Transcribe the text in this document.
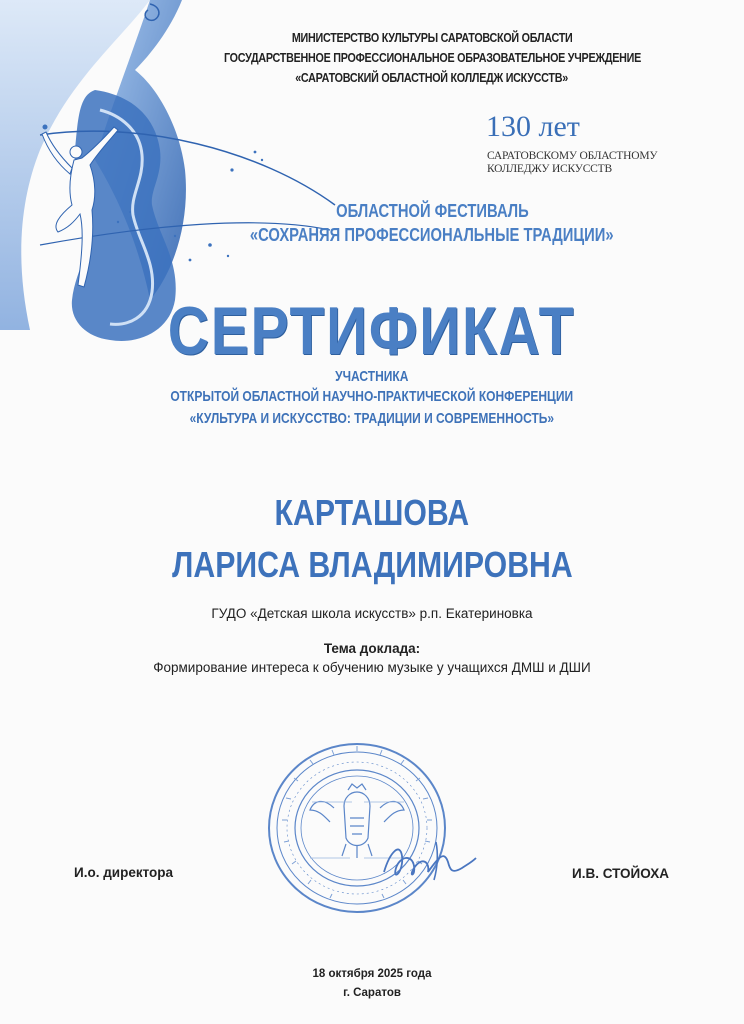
МИНИСТЕРСТВО КУЛЬТУРЫ САРАТОВСКОЙ ОБЛАСТИ

ГОСУДАРСТВЕННОЕ ПРОФЕССИОНАЛЬНОЕ ОБРАЗОВАТЕЛЬНОЕ УЧРЕЖДЕНИЕ

«САРАТОВСКИЙ ОБЛАСТНОЙ КОЛЛЕДЖ ИСКУССТВ»

130 лет

САРАТОВСКОМУ ОБЛАСТНОМУ

КОЛЛЕДЖУ ИСКУССТВ

ОБЛАСТНОЙ ФЕСТИВАЛЬ

«СОХРАНЯЯ ПРОФЕССИОНАЛЬНЫЕ ТРАДИЦИИ»

СЕРТИФИКАТ

УЧАСТНИКА

ОТКРЫТОЙ ОБЛАСТНОЙ НАУЧНО-ПРАКТИЧЕСКОЙ КОНФЕРЕНЦИИ

«КУЛЬТУРА И ИСКУССТВО: ТРАДИЦИИ И СОВРЕМЕННОСТЬ»

КАРТАШОВА

ЛАРИСА ВЛАДИМИРОВНА

ГУДО «Детская школа искусств» р.п. Екатериновка

Тема доклада:

Формирование интереса к обучению музыке у учащихся ДМШ и ДШИ

И.о. директора	И.В. СТОЙОХА

18 октября 2025 года

г. Саратов
